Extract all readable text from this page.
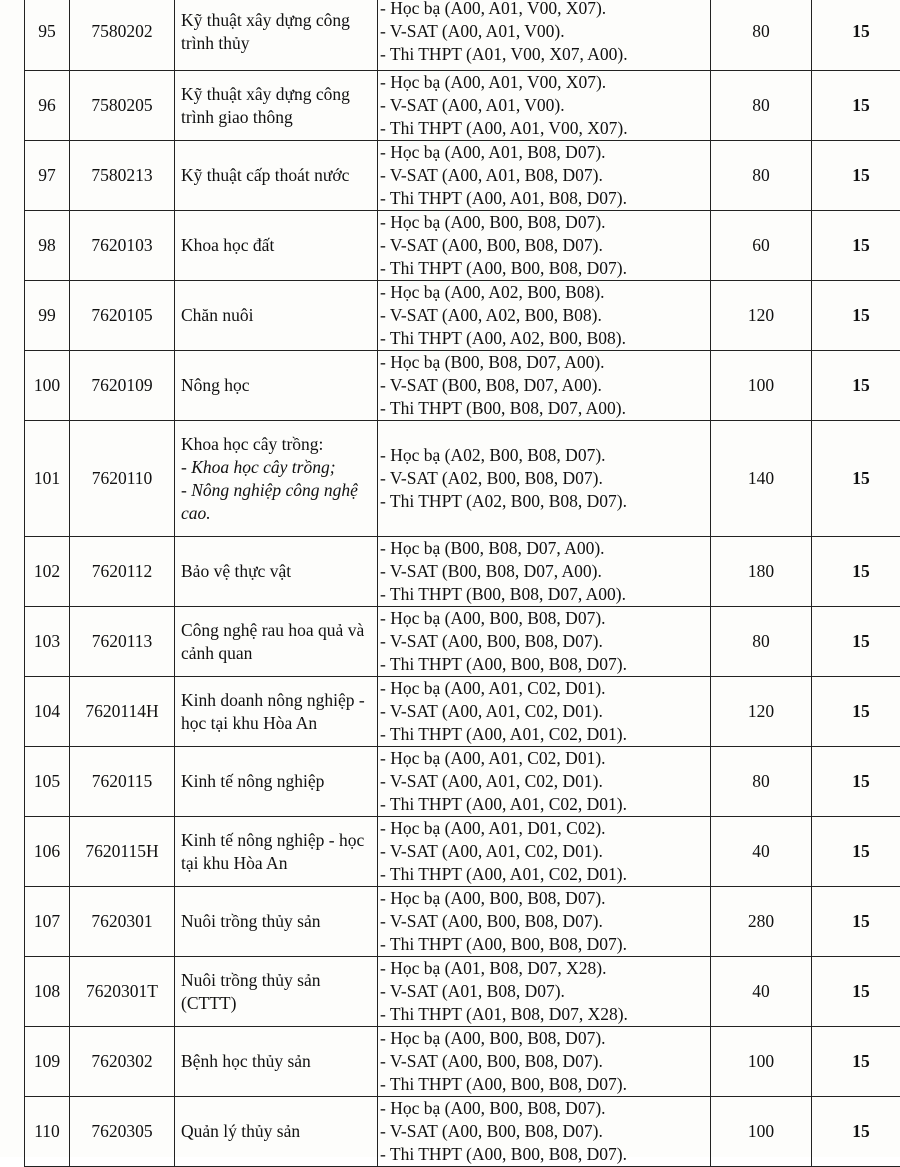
95	7580202	Kỹ thuật xây dựng công trình thủy	- Học bạ (A00, A01, V00, X07).
- V-SAT (A00, A01, V00).
- Thi THPT (A01, V00, X07, A00).	80	15
96	7580205	Kỹ thuật xây dựng công trình giao thông	- Học bạ (A00, A01, V00, X07).
- V-SAT (A00, A01, V00).
- Thi THPT (A00, A01, V00, X07).	80	15
97	7580213	Kỹ thuật cấp thoát nước	- Học bạ (A00, A01, B08, D07).
- V-SAT (A00, A01, B08, D07).
- Thi THPT (A00, A01, B08, D07).	80	15
98	7620103	Khoa học đất	- Học bạ (A00, B00, B08, D07).
- V-SAT (A00, B00, B08, D07).
- Thi THPT (A00, B00, B08, D07).	60	15
99	7620105	Chăn nuôi	- Học bạ (A00, A02, B00, B08).
- V-SAT (A00, A02, B00, B08).
- Thi THPT (A00, A02, B00, B08).	120	15
100	7620109	Nông học	- Học bạ (B00, B08, D07, A00).
- V-SAT (B00, B08, D07, A00).
- Thi THPT (B00, B08, D07, A00).	100	15
101	7620110	Khoa học cây trồng:
- Khoa học cây trồng;
- Nông nghiệp công nghệ cao.	- Học bạ (A02, B00, B08, D07).
- V-SAT (A02, B00, B08, D07).
- Thi THPT (A02, B00, B08, D07).	140	15
102	7620112	Bảo vệ thực vật	- Học bạ (B00, B08, D07, A00).
- V-SAT (B00, B08, D07, A00).
- Thi THPT (B00, B08, D07, A00).	180	15
103	7620113	Công nghệ rau hoa quả và cảnh quan	- Học bạ (A00, B00, B08, D07).
- V-SAT (A00, B00, B08, D07).
- Thi THPT (A00, B00, B08, D07).	80	15
104	7620114H	Kinh doanh nông nghiệp - học tại khu Hòa An	- Học bạ (A00, A01, C02, D01).
- V-SAT (A00, A01, C02, D01).
- Thi THPT (A00, A01, C02, D01).	120	15
105	7620115	Kinh tế nông nghiệp	- Học bạ (A00, A01, C02, D01).
- V-SAT (A00, A01, C02, D01).
- Thi THPT (A00, A01, C02, D01).	80	15
106	7620115H	Kinh tế nông nghiệp - học tại khu Hòa An	- Học bạ (A00, A01, D01, C02).
- V-SAT (A00, A01, C02, D01).
- Thi THPT (A00, A01, C02, D01).	40	15
107	7620301	Nuôi trồng thủy sản	- Học bạ (A00, B00, B08, D07).
- V-SAT (A00, B00, B08, D07).
- Thi THPT (A00, B00, B08, D07).	280	15
108	7620301T	Nuôi trồng thủy sản (CTTT)	- Học bạ (A01, B08, D07, X28).
- V-SAT (A01, B08, D07).
- Thi THPT (A01, B08, D07, X28).	40	15
109	7620302	Bệnh học thủy sản	- Học bạ (A00, B00, B08, D07).
- V-SAT (A00, B00, B08, D07).
- Thi THPT (A00, B00, B08, D07).	100	15
110	7620305	Quản lý thủy sản	- Học bạ (A00, B00, B08, D07).
- V-SAT (A00, B00, B08, D07).
- Thi THPT (A00, B00, B08, D07).	100	15
